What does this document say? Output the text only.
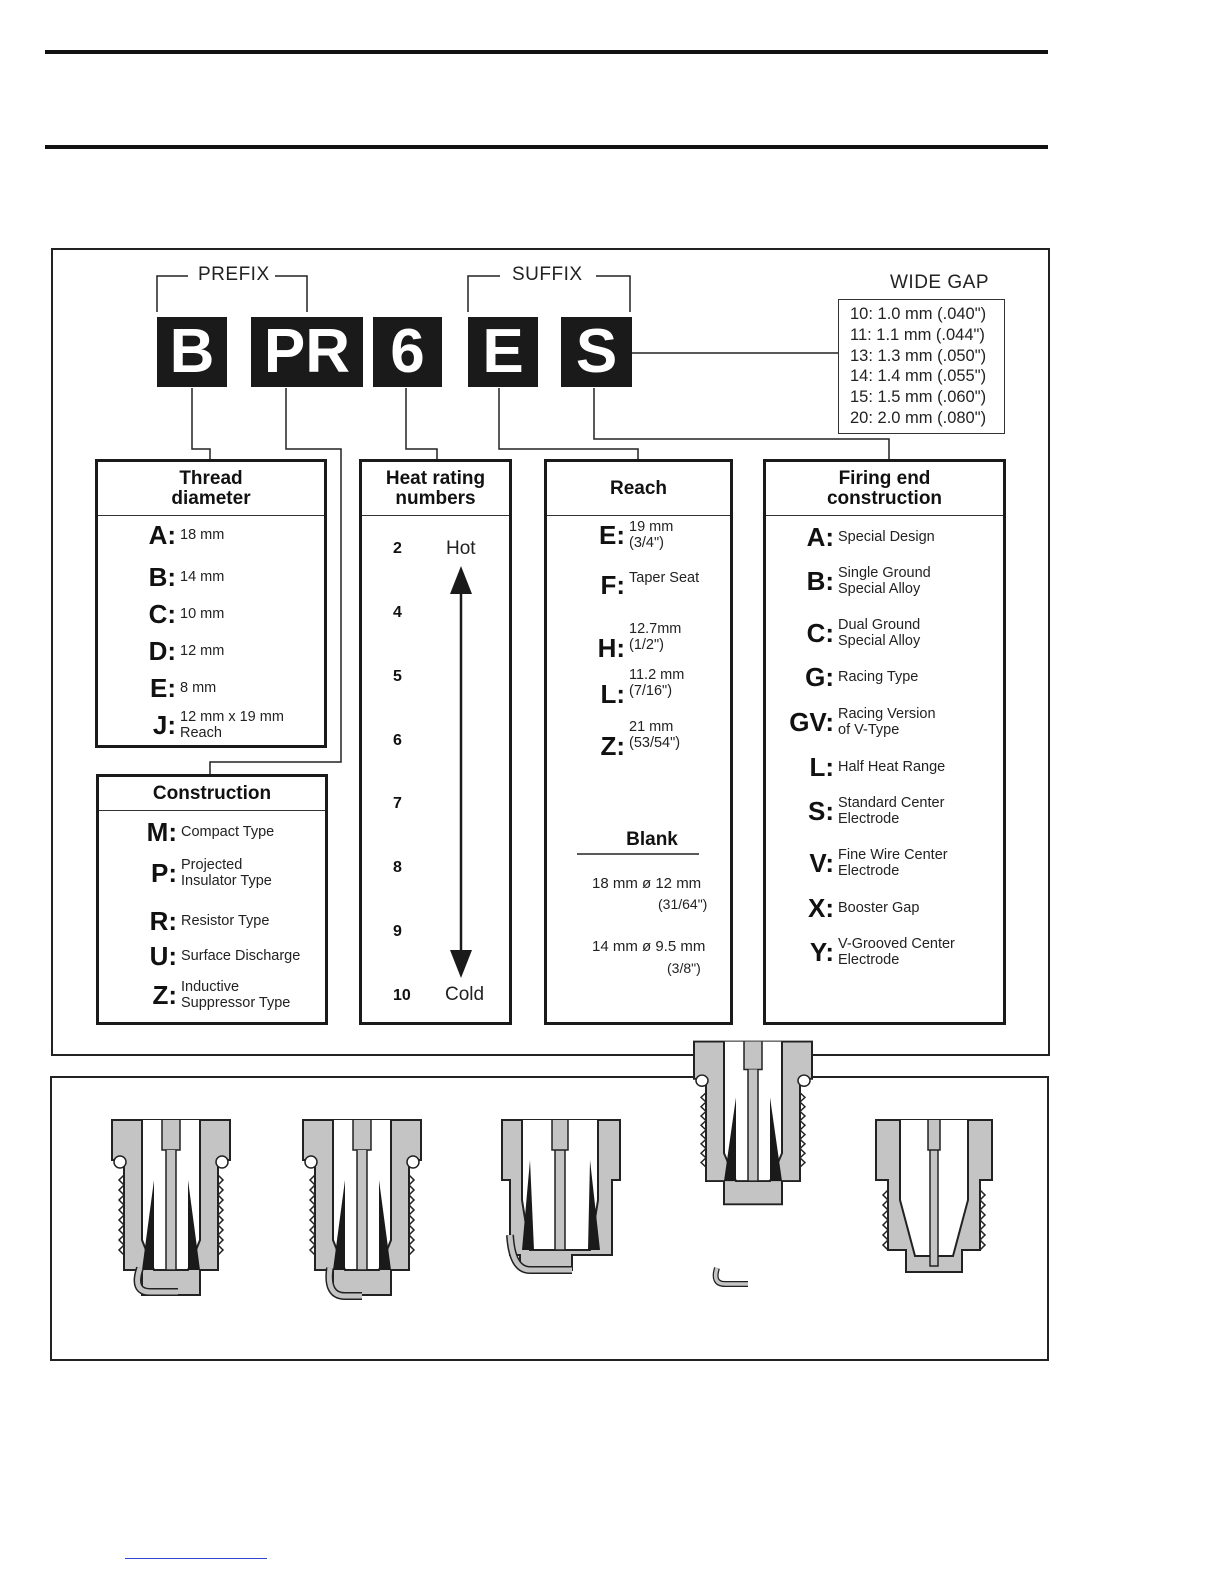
PREFIX	SUFFIX
B PR 6 E S
WIDE GAP
10: 1.0 mm (.040")
11: 1.1 mm (.044")
13: 1.3 mm (.050")
14: 1.4 mm (.055")
15: 1.5 mm (.060")
20: 2.0 mm (.080")
Thread diameter
A: 18 mm
B: 14 mm
C: 10 mm
D: 12 mm
E: 8 mm
J: 12 mm x 19 mm
Reach
Construction
M: Compact Type
P: Projected
Insulator Type
R: Resistor Type
U: Surface Discharge
Z: Inductive
Suppressor Type
Heat rating numbers
2
4
5
6
7
8
9
10
Hot
Cold
Reach
E: 19 mm
(3/4")
F: Taper Seat
H:
12.7mm
(1/2")
L:
11.2 mm
(7/16")
Z:
21 mm
(53/54")
Blank
18 mm ø 12 mm
(31/64")
14 mm ø 9.5 mm
(3/8")
Firing end construction
A: Special Design
B: Single Ground
Special Alloy
C: Dual Ground
Special Alloy
G: Racing Type
GV: Racing Version
of V-Type
L: Half Heat Range
S: Standard Center
Electrode
V: Fine Wire Center
Electrode
X: Booster Gap
Y: V-Grooved Center
Electrode
